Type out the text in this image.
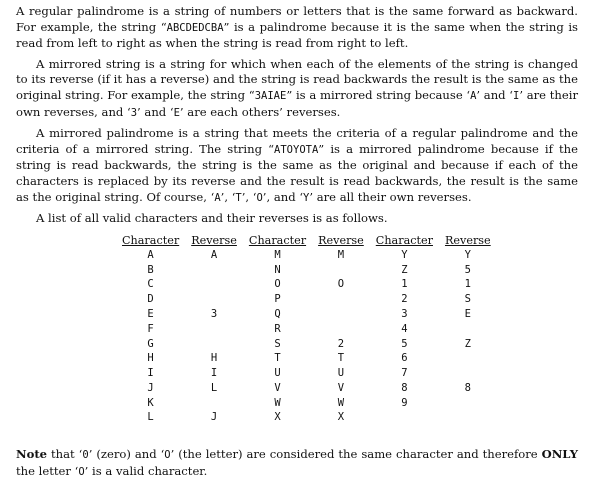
A regular palindrome is a string of numbers or letters that is the same forward as backward. For example, the string “ABCDEDCBA” is a palindrome because it is the same when the string is read from left to right as when the string is read from right to left.

A mirrored string is a string for which when each of the elements of the string is changed to its reverse (if it has a reverse) and the string is read backwards the result is the same as the original string. For example, the string “3AIAE” is a mirrored string because ‘A’ and ‘I’ are their own reverses, and ‘3’ and ‘E’ are each others’ reverses.

A mirrored palindrome is a string that meets the criteria of a regular palindrome and the criteria of a mirrored string. The string “ATOYOTA” is a mirrored palindrome because if the string is read backwards, the string is the same as the original and because if each of the characters is replaced by its reverse and the result is read backwards, the result is the same as the original string. Of course, ‘A’, ‘T’, ‘O’, and ‘Y’ are all their own reverses.

A list of all valid characters and their reverses is as follows.

Character	Reverse	Character	Reverse	Character	Reverse
A	A	M	M	Y	Y
B		N		Z	5
C		O	O	1	1
D		P		2	S
E	3	Q		3	E
F		R		4	
G		S	2	5	Z
H	H	T	T	6	
I	I	U	U	7	
J	L	V	V	8	8
K		W	W	9	
L	J	X	X		

Note that ‘0’ (zero) and ‘O’ (the letter) are considered the same character and therefore ONLY the letter ‘O’ is a valid character.
